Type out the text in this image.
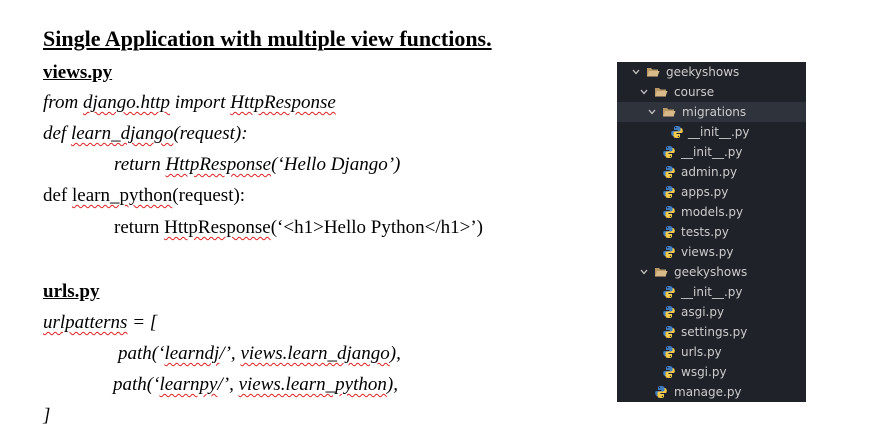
Single Application with multiple view functions.
views.py
from django.http import HttpResponse
def learn_django(request):
return HttpResponse(‘Hello Django’)
def learn_python(request):
return HttpResponse(‘<h1>Hello Python</h1>’)
urls.py
urlpatterns = [
path(‘learndj/’, views.learn_django),
path(‘learnpy/’, views.learn_python),
]
geekyshows
course
migrations
__init__.py
__init__.py
admin.py
apps.py
models.py
tests.py
views.py
geekyshows
__init__.py
asgi.py
settings.py
urls.py
wsgi.py
manage.py
